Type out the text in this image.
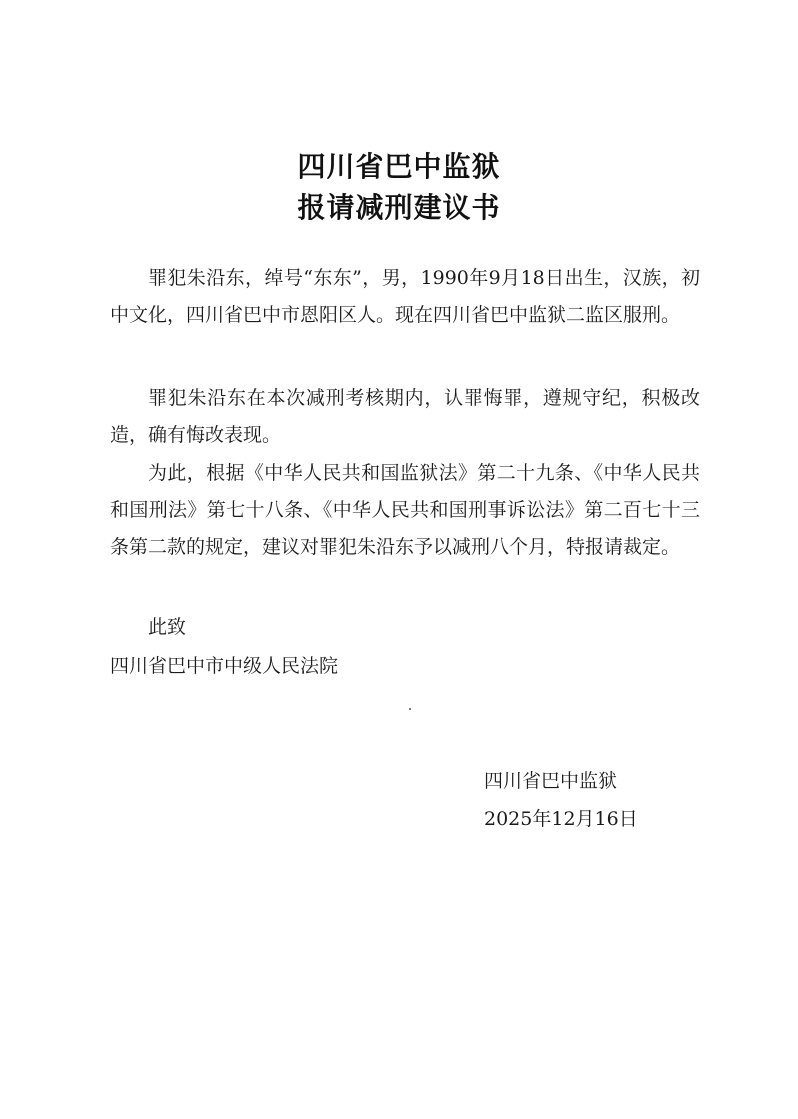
四川省巴中监狱
报请减刑建议书

罪犯朱沿东，绰号“东东”，男，1990年9月18日出生，汉族，初中文化，四川省巴中市恩阳区人。现在四川省巴中监狱二监区服刑。

罪犯朱沿东在本次减刑考核期内，认罪悔罪，遵规守纪，积极改造，确有悔改表现。

为此，根据《中华人民共和国监狱法》第二十九条、《中华人民共和国刑法》第七十八条、《中华人民共和国刑事诉讼法》第二百七十三条第二款的规定，建议对罪犯朱沿东予以减刑八个月，特报请裁定。

此致
四川省巴中市中级人民法院
四川省巴中监狱
2025年12月16日
